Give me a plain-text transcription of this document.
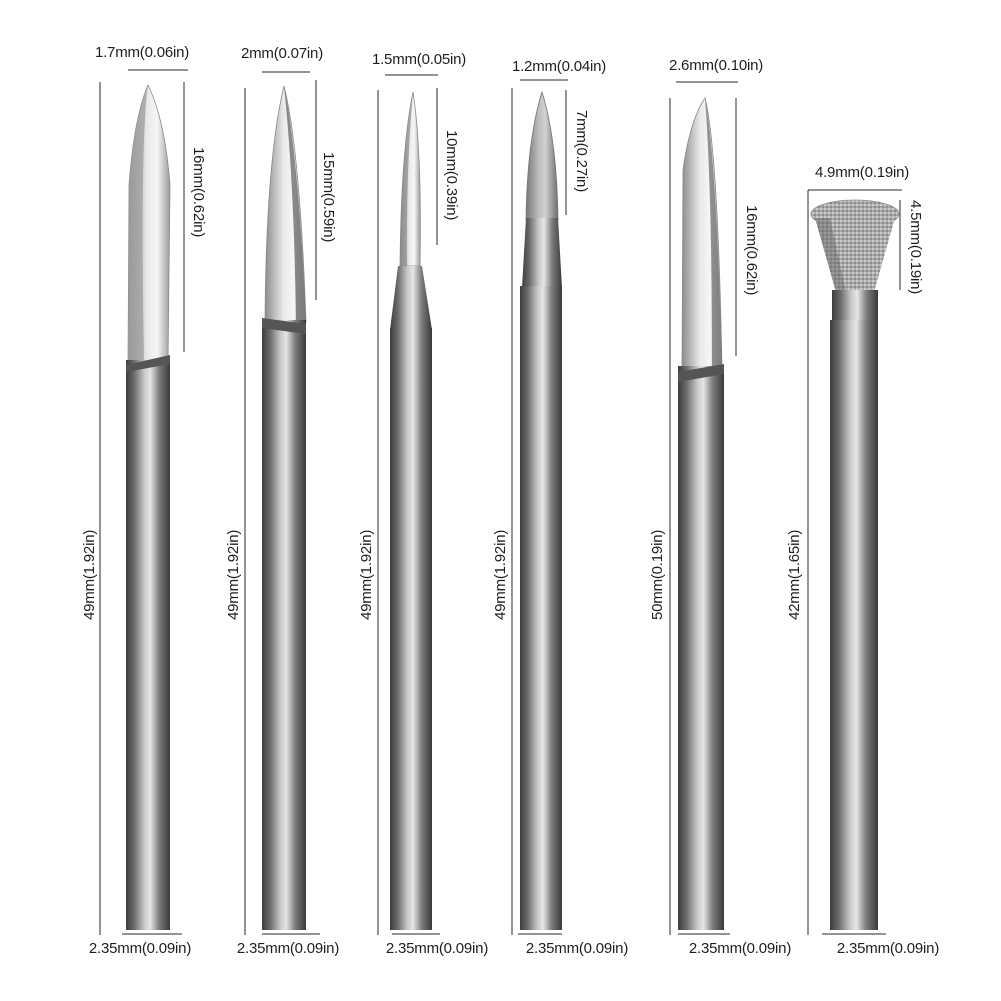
1.7mm(0.06in)
16mm(0.62in)
49mm(1.92in)
2.35mm(0.09in)
2mm(0.07in)
15mm(0.59in)
49mm(1.92in)
2.35mm(0.09in)
1.5mm(0.05in)
10mm(0.39in)
49mm(1.92in)
2.35mm(0.09in)
1.2mm(0.04in)
7mm(0.27in)
49mm(1.92in)
2.35mm(0.09in)
2.6mm(0.10in)
16mm(0.62in)
50mm(0.19in)
2.35mm(0.09in)
4.9mm(0.19in)
4.5mm(0.19in)
42mm(1.65in)
2.35mm(0.09in)
